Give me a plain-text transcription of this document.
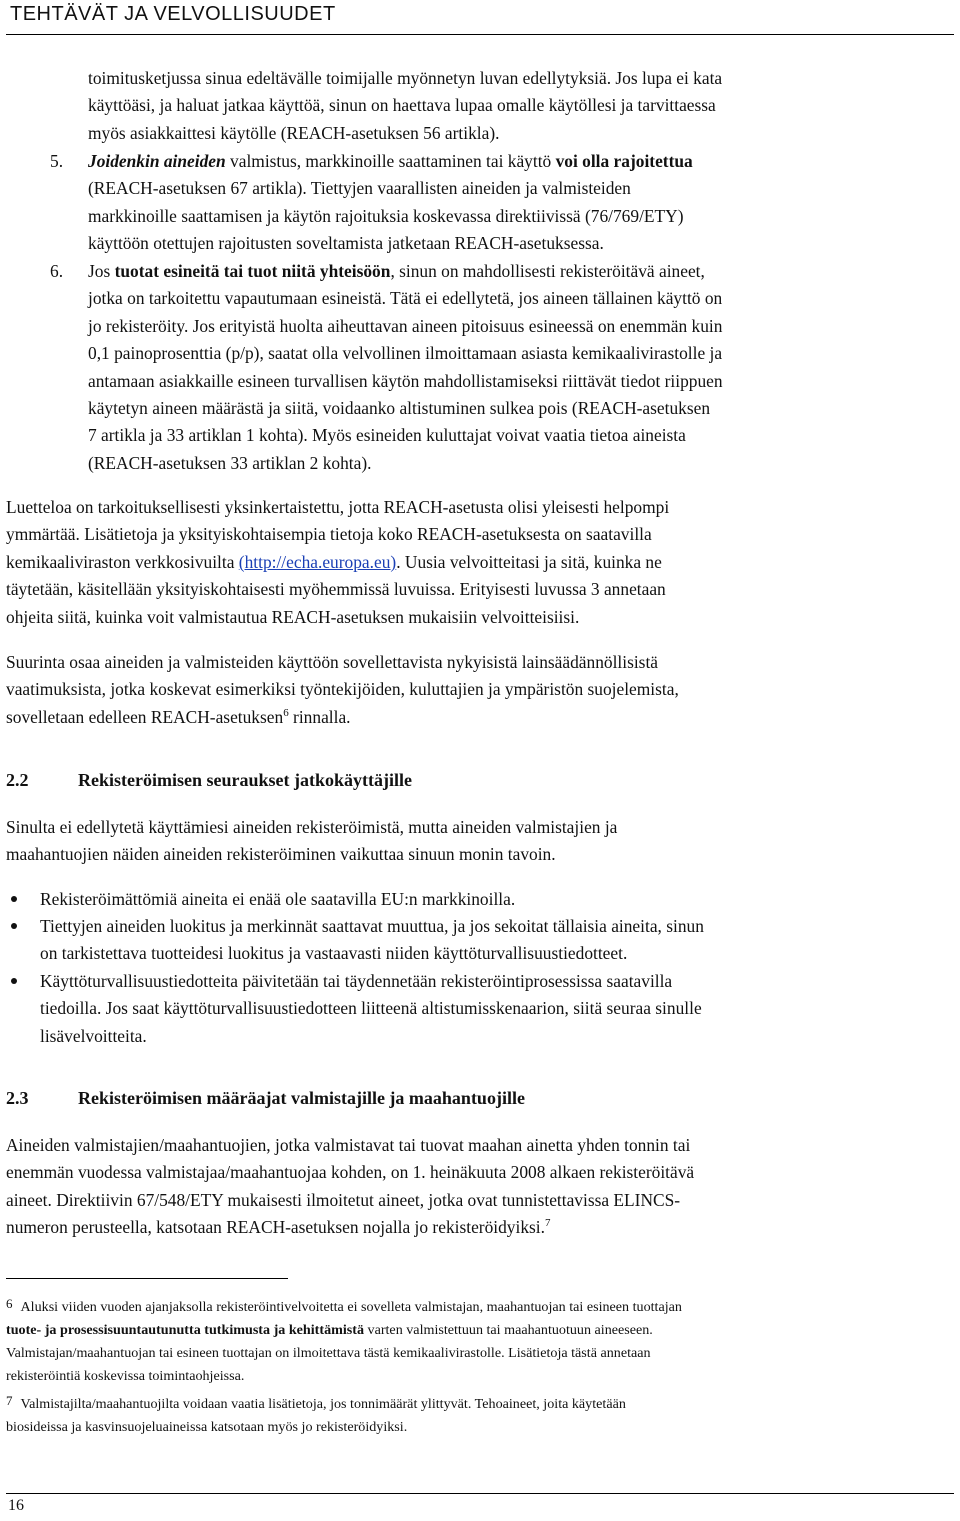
TEHTÄVÄT JA VELVOLLISUUDET

toimitusketjussa sinua edeltävälle toimijalle myönnetyn luvan edellytyksiä. Jos lupa ei kata
käyttöäsi, ja haluat jatkaa käyttöä, sinun on haettava lupaa omalle käytöllesi ja tarvittaessa
myös asiakkaittesi käytölle (REACH-asetuksen 56 artikla).

5. Joidenkin aineiden valmistus, markkinoille saattaminen tai käyttö voi olla rajoitettua
(REACH-asetuksen 67 artikla). Tiettyjen vaarallisten aineiden ja valmisteiden
markkinoille saattamisen ja käytön rajoituksia koskevassa direktiivissä (76/769/ETY)
käyttöön otettujen rajoitusten soveltamista jatketaan REACH-asetuksessa.

6. Jos tuotat esineitä tai tuot niitä yhteisöön, sinun on mahdollisesti rekisteröitävä aineet,
jotka on tarkoitettu vapautumaan esineistä. Tätä ei edellytetä, jos aineen tällainen käyttö on
jo rekisteröity. Jos erityistä huolta aiheuttavan aineen pitoisuus esineessä on enemmän kuin
0,1 painoprosenttia (p/p), saatat olla velvollinen ilmoittamaan asiasta kemikaalivirastolle ja
antamaan asiakkaille esineen turvallisen käytön mahdollistamiseksi riittävät tiedot riippuen
käytetyn aineen määrästä ja siitä, voidaanko altistuminen sulkea pois (REACH-asetuksen
7 artikla ja 33 artiklan 1 kohta). Myös esineiden kuluttajat voivat vaatia tietoa aineista
(REACH-asetuksen 33 artiklan 2 kohta).

Luetteloa on tarkoituksellisesti yksinkertaistettu, jotta REACH-asetusta olisi yleisesti helpompi
ymmärtää. Lisätietoja ja yksityiskohtaisempia tietoja koko REACH-asetuksesta on saatavilla
kemikaaliviraston verkkosivuilta (http://echa.europa.eu). Uusia velvoitteitasi ja sitä, kuinka ne
täytetään, käsitellään yksityiskohtaisesti myöhemmissä luvuissa. Erityisesti luvussa 3 annetaan
ohjeita siitä, kuinka voit valmistautua REACH-asetuksen mukaisiin velvoitteisiisi.

Suurinta osaa aineiden ja valmisteiden käyttöön sovellettavista nykyisistä lainsäädännöllisistä
vaatimuksista, jotka koskevat esimerkiksi työntekijöiden, kuluttajien ja ympäristön suojelemista,
sovelletaan edelleen REACH-asetuksen$^6$ rinnalla.

2.2	Rekisteröimisen seuraukset jatkokäyttäjille

Sinulta ei edellytetä käyttämiesi aineiden rekisteröimistä, mutta aineiden valmistajien ja
maahantuojien näiden aineiden rekisteröiminen vaikuttaa sinuun monin tavoin.

Rekisteröimättömiä aineita ei enää ole saatavilla EU:n markkinoilla.

Tiettyjen aineiden luokitus ja merkinnät saattavat muuttua, ja jos sekoitat tällaisia aineita, sinun
on tarkistettava tuotteidesi luokitus ja vastaavasti niiden käyttöturvallisuustiedotteet.

Käyttöturvallisuustiedotteita päivitetään tai täydennetään rekisteröintiprosessissa saatavilla
tiedoilla. Jos saat käyttöturvallisuustiedotteen liitteenä altistumisskenaarion, siitä seuraa sinulle
lisävelvoitteita.

2.3	Rekisteröimisen määräajat valmistajille ja maahantuojille

Aineiden valmistajien/maahantuojien, jotka valmistavat tai tuovat maahan ainetta yhden tonnin tai
enemmän vuodessa valmistajaa/maahantuojaa kohden, on 1. heinäkuuta 2008 alkaen rekisteröitävä
aineet. Direktiivin 67/548/ETY mukaisesti ilmoitetut aineet, jotka ovat tunnistettavissa ELINCS-
numeron perusteella, katsotaan REACH-asetuksen nojalla jo rekisteröidyiksi.$^7$

6 Aluksi viiden vuoden ajanjaksolla rekisteröintivelvoitetta ei sovelleta valmistajan, maahantuojan tai esineen tuottajan
tuote- ja prosessisuuntautunutta tutkimusta ja kehittämistä varten valmistettuun tai maahantuotuun aineeseen.
Valmistajan/maahantuojan tai esineen tuottajan on ilmoitettava tästä kemikaalivirastolle. Lisätietoja tästä annetaan
rekisteröintiä koskevissa toimintaohjeissa.

7 Valmistajilta/maahantuojilta voidaan vaatia lisätietoja, jos tonnimäärät ylittyvät. Tehoaineet, joita käytetään
biosideissa ja kasvinsuojeluaineissa katsotaan myös jo rekisteröidyiksi.

16
